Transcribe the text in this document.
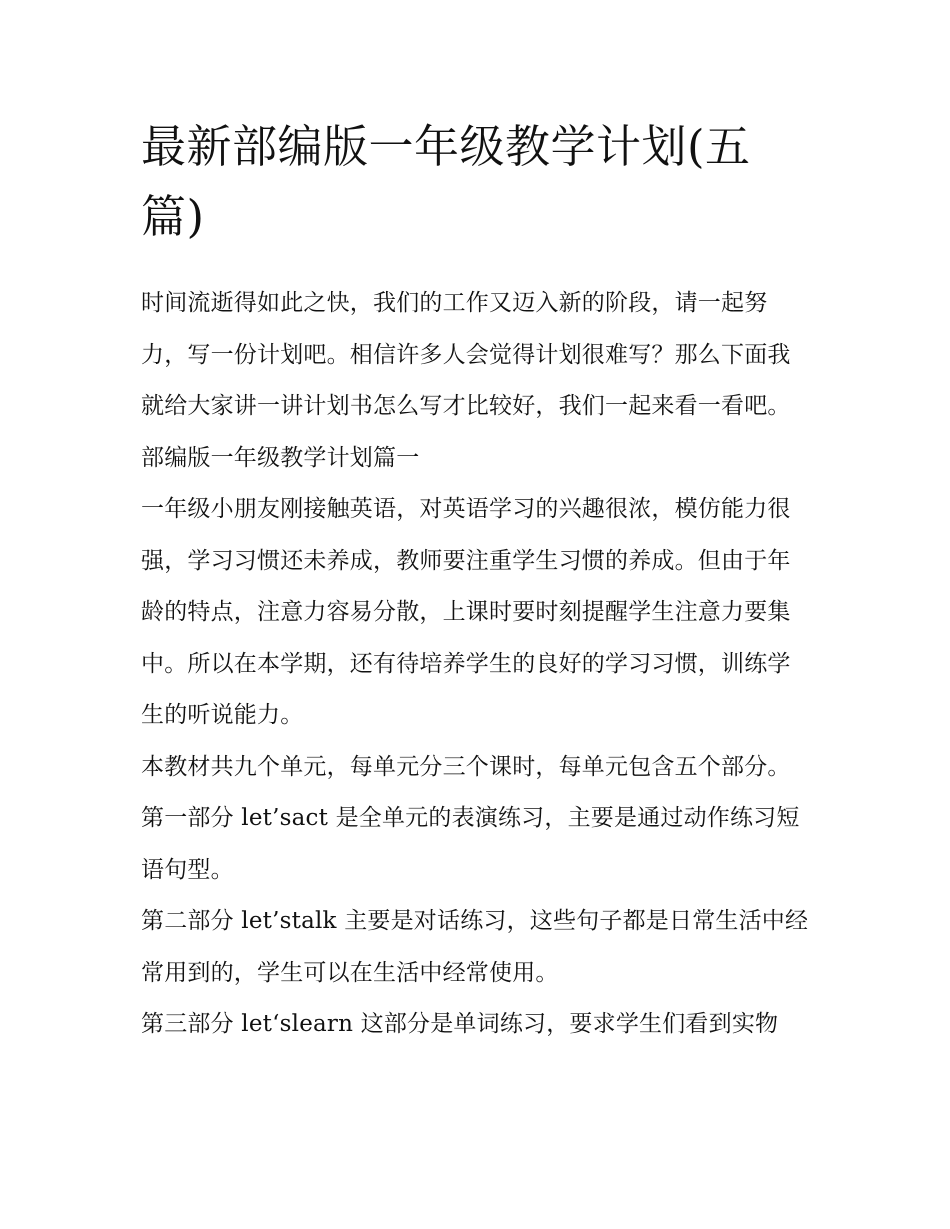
最新部编版一年级教学计划(五篇)

时间流逝得如此之快，我们的工作又迈入新的阶段，请一起努力，写一份计划吧。相信许多人会觉得计划很难写？那么下面我就给大家讲一讲计划书怎么写才比较好，我们一起来看一看吧。

部编版一年级教学计划篇一

一年级小朋友刚接触英语，对英语学习的兴趣很浓，模仿能力很强，学习习惯还未养成，教师要注重学生习惯的养成。但由于年龄的特点，注意力容易分散，上课时要时刻提醒学生注意力要集中。所以在本学期，还有待培养学生的良好的学习习惯，训练学生的听说能力。

本教材共九个单元，每单元分三个课时，每单元包含五个部分。 第一部分 let’sact 是全单元的表演练习，主要是通过动作练习短语句型。

第二部分 let’stalk 主要是对话练习，这些句子都是日常生活中经常用到的，学生可以在生活中经常使用。

第三部分 let‘slearn 这部分是单词练习，要求学生们看到实物
